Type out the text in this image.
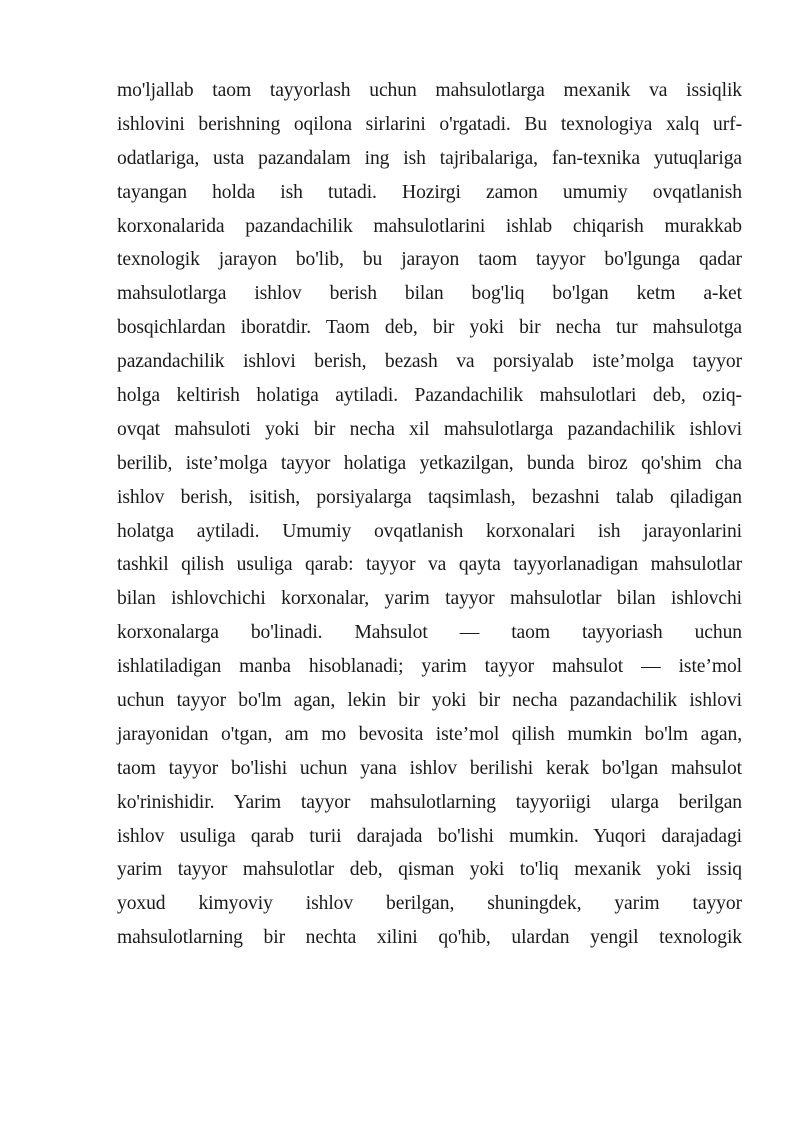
mo'ljallab taom tayyorlash uchun mahsulotlarga mexanik va issiqlik
ishlovini berishning oqilona sirlarini o'rgatadi. Bu texnologiya xalq urf-
odatlariga, usta pazandalam ing ish tajribalariga, fan-texnika yutuqlariga
tayangan holda ish tutadi. Hozirgi zamon umumiy ovqatlanish
korxonalarida pazandachilik mahsulotlarini ishlab chiqarish murakkab
texnologik jarayon bo'lib, bu jarayon taom tayyor bo'lgunga qadar
mahsulotlarga ishlov berish bilan bog'liq bo'lgan ketm a-ket
bosqichlardan iboratdir. Taom deb, bir yoki bir necha tur mahsulotga
pazandachilik ishlovi berish, bezash va porsiyalab iste’molga tayyor
holga keltirish holatiga aytiladi. Pazandachilik mahsulotlari deb, oziq-
ovqat mahsuloti yoki bir necha xil mahsulotlarga pazandachilik ishlovi
berilib, iste’molga tayyor holatiga yetkazilgan, bunda biroz qo'shim cha
ishlov berish, isitish, porsiyalarga taqsimlash, bezashni talab qiladigan
holatga aytiladi. Umumiy ovqatlanish korxonalari ish jarayonlarini
tashkil qilish usuliga qarab: tayyor va qayta tayyorlanadigan mahsulotlar
bilan ishlovchichi korxonalar, yarim tayyor mahsulotlar bilan ishlovchi
korxonalarga bo'linadi. Mahsulot — taom tayyoriash uchun
ishlatiladigan manba hisoblanadi; yarim tayyor mahsulot — iste’mol
uchun tayyor bo'lm agan, lekin bir yoki bir necha pazandachilik ishlovi
jarayonidan o'tgan, am mo bevosita iste’mol qilish mumkin bo'lm agan,
taom tayyor bo'lishi uchun yana ishlov berilishi kerak bo'lgan mahsulot
ko'rinishidir. Yarim tayyor mahsulotlarning tayyoriigi ularga berilgan
ishlov usuliga qarab turii darajada bo'lishi mumkin. Yuqori darajadagi
yarim tayyor mahsulotlar deb, qisman yoki to'liq mexanik yoki issiq
yoxud kimyoviy ishlov berilgan, shuningdek, yarim tayyor
mahsulotlarning bir nechta xilini qo'hib, ulardan yengil texnologik
